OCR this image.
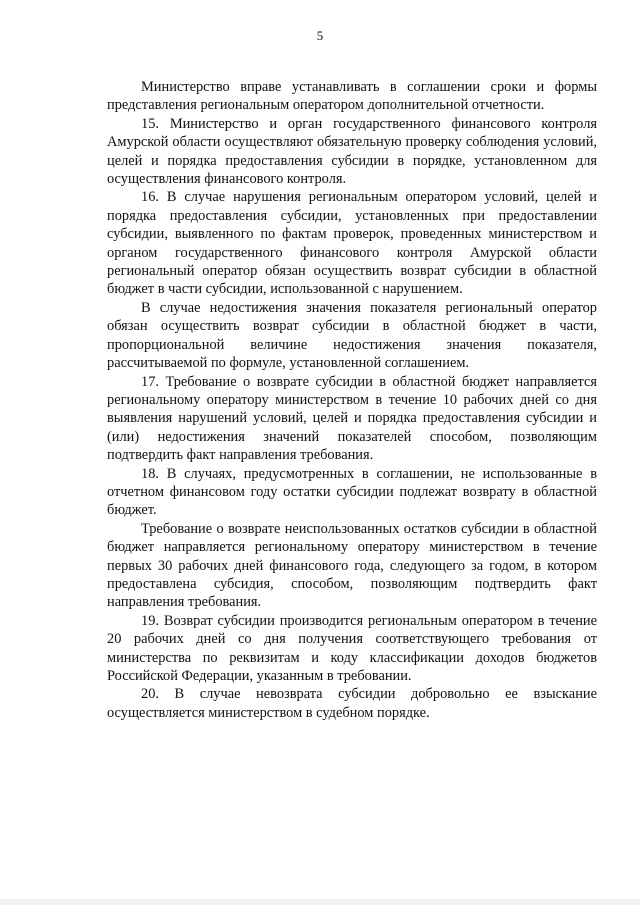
5

Министерство вправе устанавливать в соглашении сроки и формы представления региональным оператором дополнительной отчетности.

15. Министерство и орган государственного финансового контроля Амурской области осуществляют обязательную проверку соблюдения условий, целей и порядка предоставления субсидии в порядке, установленном для осуществления финансового контроля.

16. В случае нарушения региональным оператором условий, целей и порядка предоставления субсидии, установленных при предоставлении субсидии, выявленного по фактам проверок, проведенных министерством и органом государственного финансового контроля Амурской области региональный оператор обязан осуществить возврат субсидии в областной бюджет в части субсидии, использованной с нарушением.

В случае недостижения значения показателя региональный оператор обязан осуществить возврат субсидии в областной бюджет в части, пропорциональной величине недостижения значения показателя, рассчитываемой по формуле, установленной соглашением.

17. Требование о возврате субсидии в областной бюджет направляется региональному оператору министерством в течение 10 рабочих дней со дня выявления нарушений условий, целей и порядка предоставления субсидии и (или) недостижения значений показателей способом, позволяющим подтвердить факт направления требования.

18. В случаях, предусмотренных в соглашении, не использованные в отчетном финансовом году остатки субсидии подлежат возврату в областной бюджет.

Требование о возврате неиспользованных остатков субсидии в областной бюджет направляется региональному оператору министерством в течение первых 30 рабочих дней финансового года, следующего за годом, в котором предоставлена субсидия, способом, позволяющим подтвердить факт направления требования.

19. Возврат субсидии производится региональным оператором в течение 20 рабочих дней со дня получения соответствующего требования от министерства по реквизитам и коду классификации доходов бюджетов Российской Федерации, указанным в требовании.

20. В случае невозврата субсидии добровольно ее взыскание осуществляется министерством в судебном порядке.
